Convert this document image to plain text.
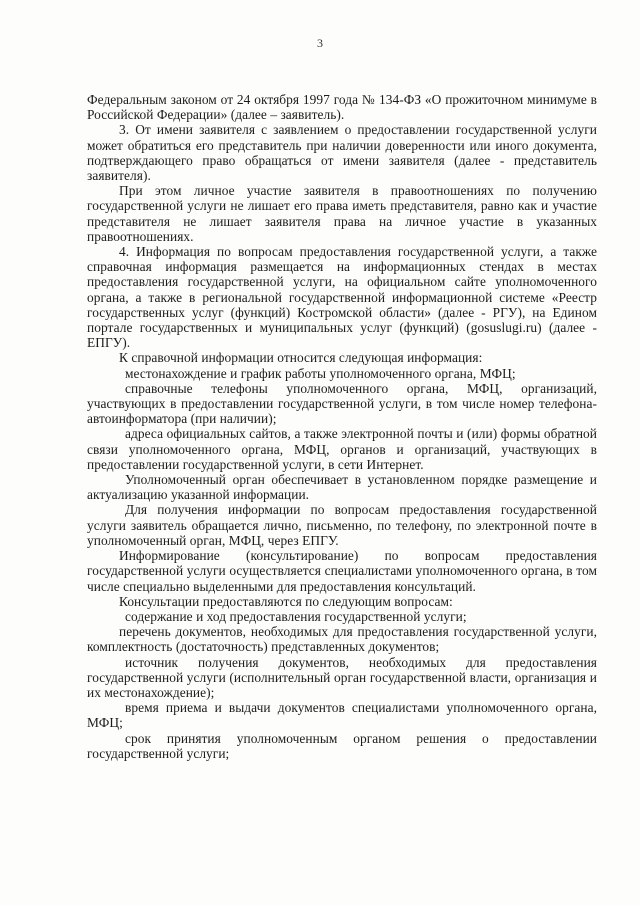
3

Федеральным законом от 24 октября 1997 года № 134-ФЗ «О прожиточном минимуме в Российской Федерации» (далее – заявитель).

3. От имени заявителя с заявлением о предоставлении государственной услуги может обратиться его представитель при наличии доверенности или иного документа, подтверждающего право обращаться от имени заявителя (далее - представитель заявителя).

При этом личное участие заявителя в правоотношениях по получению государственной услуги не лишает его права иметь представителя, равно как и участие представителя не лишает заявителя права на личное участие в указанных правоотношениях.

4. Информация по вопросам предоставления государственной услуги, а также справочная информация размещается на информационных стендах в местах предоставления государственной услуги, на официальном сайте уполномоченного органа, а также в региональной государственной информационной системе «Реестр государственных услуг (функций) Костромской области» (далее - РГУ), на Едином портале государственных и муниципальных услуг (функций) (gosuslugi.ru) (далее - ЕПГУ).

К справочной информации относится следующая информация:

местонахождение и график работы уполномоченного органа, МФЦ;

справочные телефоны уполномоченного органа, МФЦ, организаций, участвующих в предоставлении государственной услуги, в том числе номер телефона-автоинформатора (при наличии);

адреса официальных сайтов, а также электронной почты и (или) формы обратной связи уполномоченного органа, МФЦ, органов и организаций, участвующих в предоставлении государственной услуги, в сети Интернет.

Уполномоченный орган обеспечивает в установленном порядке размещение и актуализацию указанной информации.

Для получения информации по вопросам предоставления государственной услуги заявитель обращается лично, письменно, по телефону, по электронной почте в уполномоченный орган, МФЦ, через ЕПГУ.

Информирование (консультирование) по вопросам предоставления государственной услуги осуществляется специалистами уполномоченного органа, в том числе специально выделенными для предоставления консультаций.

Консультации предоставляются по следующим вопросам:

содержание и ход предоставления государственной услуги;

перечень документов, необходимых для предоставления государственной услуги, комплектность (достаточность) представленных документов;

источник получения документов, необходимых для предоставления государственной услуги (исполнительный орган государственной власти, организация и их местонахождение);

время приема и выдачи документов специалистами уполномоченного органа, МФЦ;

срок принятия уполномоченным органом решения о предоставлении государственной услуги;
